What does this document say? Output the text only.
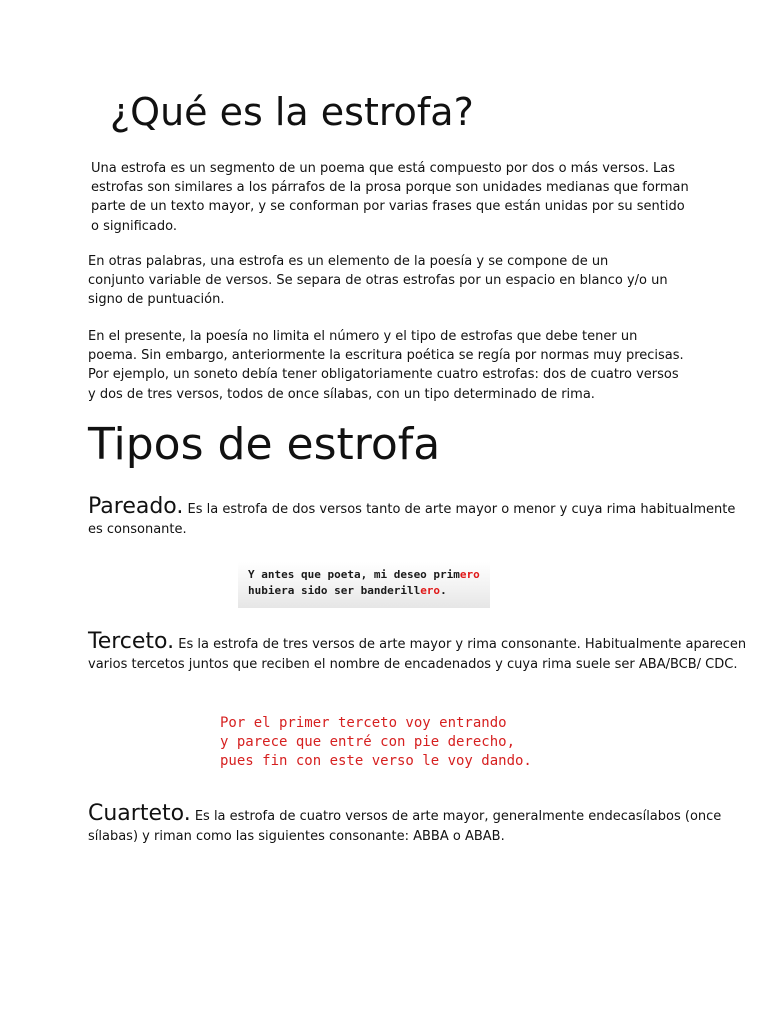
¿Qué es la estrofa?

Una estrofa es un segmento de un poema que está compuesto por dos o más versos. Las estrofas son similares a los párrafos de la prosa porque son unidades medianas que forman parte de un texto mayor, y se conforman por varias frases que están unidas por su sentido o significado.

En otras palabras, una estrofa es un elemento de la poesía y se compone de un conjunto variable de versos. Se separa de otras estrofas por un espacio en blanco y/o un signo de puntuación.

En el presente, la poesía no limita el número y el tipo de estrofas que debe tener un poema. Sin embargo, anteriormente la escritura poética se regía por normas muy precisas. Por ejemplo, un soneto debía tener obligatoriamente cuatro estrofas: dos de cuatro versos y dos de tres versos, todos de once sílabas, con un tipo determinado de rima.

Tipos de estrofa

Pareado. Es la estrofa de dos versos tanto de arte mayor o menor y cuya rima habitualmente es consonante.

Y antes que poeta, mi deseo primero
hubiera sido ser banderillero.

Terceto. Es la estrofa de tres versos de arte mayor y rima consonante. Habitualmente aparecen varios tercetos juntos que reciben el nombre de encadenados y cuya rima suele ser ABA/BCB/ CDC.

Por el primer terceto voy entrando
y parece que entré con pie derecho,
pues fin con este verso le voy dando.

Cuarteto. Es la estrofa de cuatro versos de arte mayor, generalmente endecasílabos (once sílabas) y riman como las siguientes consonante: ABBA o ABAB.
